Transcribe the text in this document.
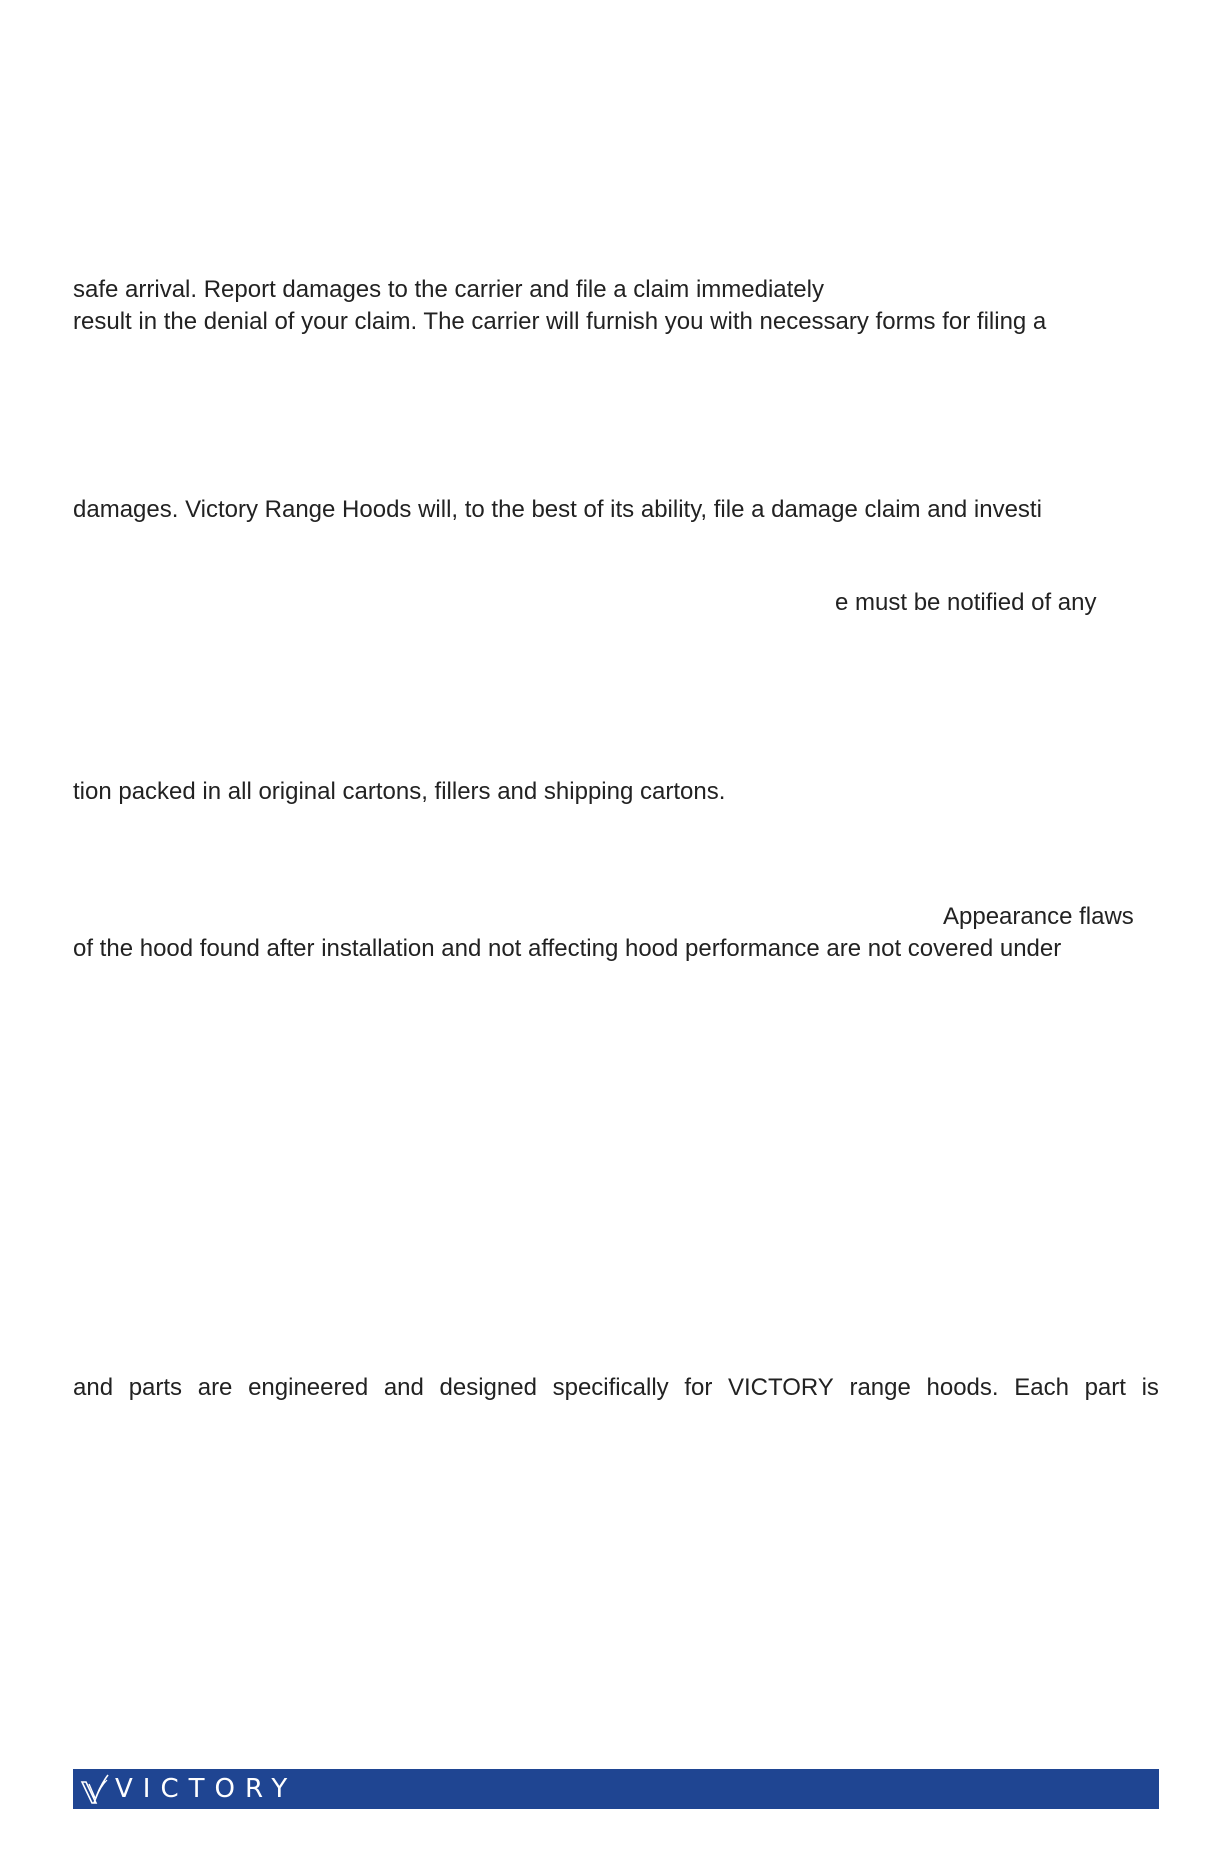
safe arrival. Report damages to the carrier and file a claim immediately

result in the denial of your claim. The carrier will furnish you with necessary forms for filing a

damages. Victory Range Hoods will, to the best of its ability, file a damage claim and investi

e must be notified of any

tion packed in all original cartons, fillers and shipping cartons.

Appearance flaws

of the hood found after installation and not affecting hood performance are not covered under

and parts are engineered and designed specifically for VICTORY range hoods. Each part is
VICTORY
